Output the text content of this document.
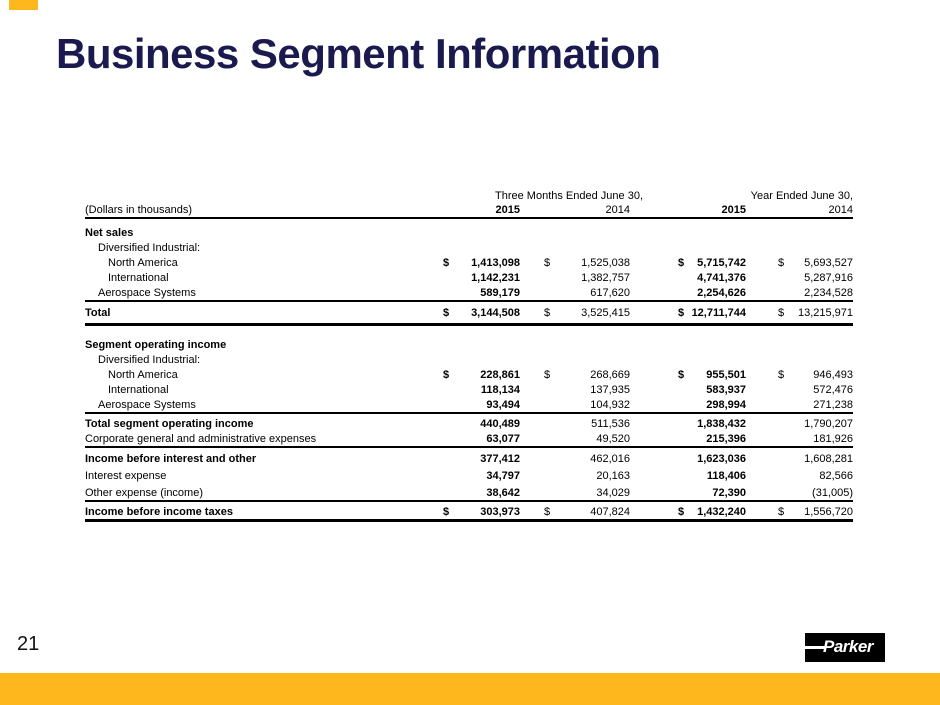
Business Segment Information
	Three Months Ended June 30,						Year Ended June 30,				
(Dollars in thousands)		2015			2014			2015			2014
Net sales											
Diversified Industrial:											
North America	$	1,413,098		$	1,525,038		$	5,715,742		$	5,693,527
International		1,142,231			1,382,757			4,741,376			5,287,916
Aerospace Systems		589,179			617,620			2,254,626			2,234,528
Total	$	3,144,508		$	3,525,415		$	12,711,744		$	13,215,971
Segment operating income											
Diversified Industrial:											
North America	$	228,861		$	268,669		$	955,501		$	946,493
International		118,134			137,935			583,937			572,476
Aerospace Systems		93,494			104,932			298,994			271,238
Total segment operating income		440,489			511,536			1,838,432			1,790,207
Corporate general and administrative expenses		63,077			49,520			215,396			181,926
Income before interest and other		377,412			462,016			1,623,036			1,608,281
Interest expense		34,797			20,163			118,406			82,566
Other expense (income)		38,642			34,029			72,390			(31,005)
Income before income taxes	$	303,973		$	407,824		$	1,432,240		$	1,556,720
21	Parker
